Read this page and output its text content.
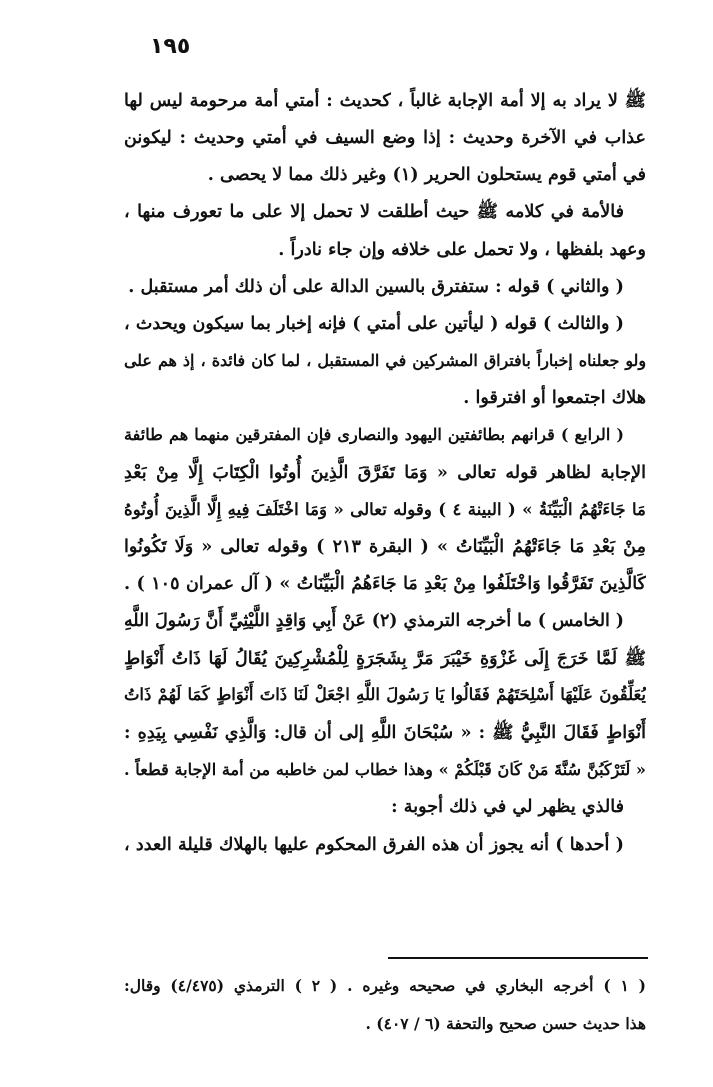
١٩٥
ﷺ لا يراد به إلا أمة الإجابة غالباً ، كحديث : أمتي أمة مرحومة ليس لها
عذاب في الآخرة وحديث : إذا وضع السيف في أمتي وحديث : ليكونن
في أمتي قوم يستحلون الحرير (١) وغير ذلك مما لا يحصى .
فالأمة في كلامه ﷺ حيث أطلقت لا تحمل إلا على ما تعورف منها ،
وعهد بلفظها ، ولا تحمل على خلافه وإن جاء نادراً .
( والثاني ) قوله : ستفترق بالسين الدالة على أن ذلك أمر مستقبل .
( والثالث ) قوله ( ليأتين على أمتي ) فإنه إخبار بما سيكون ويحدث ،
ولو جعلناه إخباراً بافتراق المشركين في المستقبل ، لما كان فائدة ، إذ هم على
هلاك اجتمعوا أو افترقوا .
( الرابع ) قرانهم بطائفتين اليهود والنصارى فإن المفترقين منهما هم طائفة
الإجابة لظاهر قوله تعالى « وَمَا تَفَرَّقَ الَّذِينَ أُوتُوا الْكِتَابَ إِلَّا مِنْ بَعْدِ
مَا جَاءَتْهُمُ الْبَيِّنَةُ » ( البينة ٤ ) وقوله تعالى « وَمَا اخْتَلَفَ فِيهِ إِلَّا الَّذِينَ أُوتُوهُ
مِنْ بَعْدِ مَا جَاءَتْهُمُ الْبَيِّنَاتُ » ( البقرة ٢١٣ ) وقوله تعالى « وَلَا تَكُونُوا
كَالَّذِينَ تَفَرَّقُوا وَاخْتَلَفُوا مِنْ بَعْدِ مَا جَاءَهُمُ الْبَيِّنَاتُ » ( آل عمران ١٠٥ ) .
( الخامس ) ما أخرجه الترمذي (٢) عَنْ أَبِي وَاقِدٍ اللَّيْثِيِّ أَنَّ رَسُولَ اللَّهِ
ﷺ لَمَّا خَرَجَ إِلَى غَزْوَةِ خَيْبَرَ مَرَّ بِشَجَرَةٍ لِلْمُشْرِكِينَ يُقَالُ لَهَا ذَاتُ أَنْوَاطٍ
يُعَلِّقُونَ عَلَيْهَا أَسْلِحَتَهُمْ فَقَالُوا يَا رَسُولَ اللَّهِ اجْعَلْ لَنَا ذَاتَ أَنْوَاطٍ كَمَا لَهُمْ ذَاتُ
أَنْوَاطٍ فَقَالَ النَّبِيُّ ﷺ : « سُبْحَانَ اللَّهِ إلى أن قال: وَالَّذِي نَفْسِي بِيَدِهِ :
« لَتَرْكَبُنَّ سُنَّةَ مَنْ كَانَ قَبْلَكُمْ » وهذا خطاب لمن خاطبه من أمة الإجابة قطعاً .
فالذي يظهر لي في ذلك أجوبة :
( أحدها ) أنه يجوز أن هذه الفرق المحكوم عليها بالهلاك قليلة العدد ،
( ١ ) أخرجه البخاري في صحيحه وغيره . ( ٢ ) الترمذي (٤/٤٧٥) وقال:
هذا حديث حسن صحيح والتحفة (٦ / ٤٠٧) .
